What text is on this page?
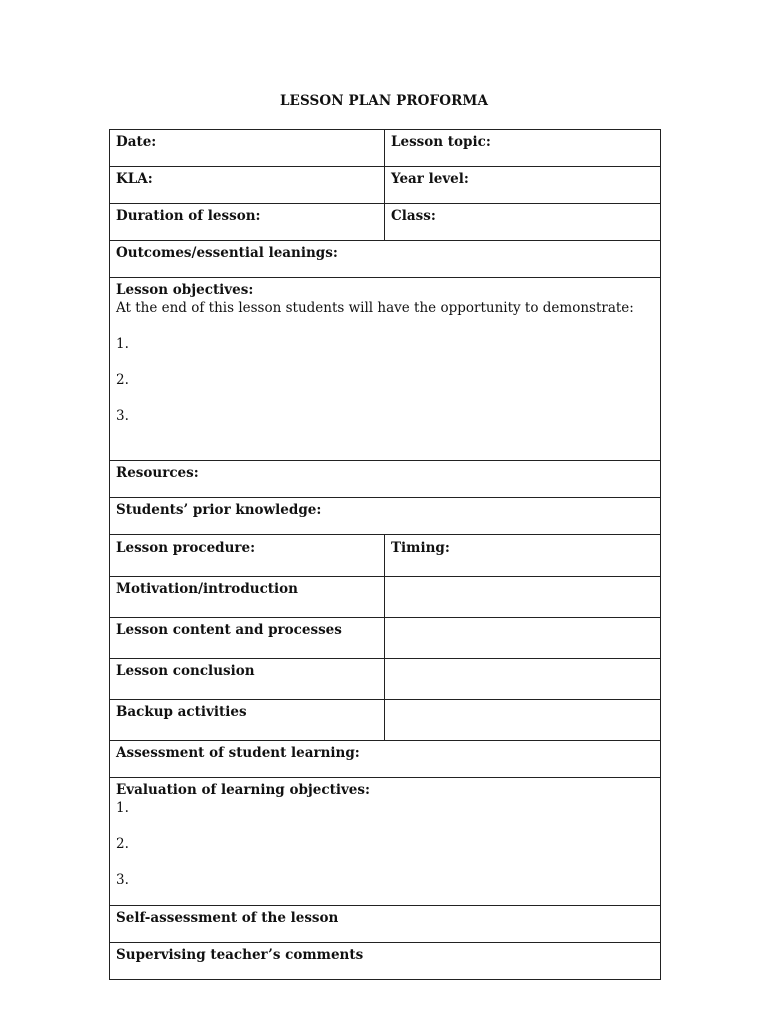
LESSON PLAN PROFORMA
Date:	Lesson topic:
KLA:	Year level:
Duration of lesson:	Class:
Outcomes/essential leanings:	

Lesson objectives:
At the end of this lesson students will have the opportunity to demonstrate:
1.
2.
3.	

Resources:	
Students’ prior knowledge:	
Lesson procedure:	Timing:
Motivation/introduction	
Lesson content and processes	
Lesson conclusion	
Backup activities	
Assessment of student learning:	

Evaluation of learning objectives:
1.
2.
3.	

Self-assessment of the lesson	
Supervising teacher’s comments	
